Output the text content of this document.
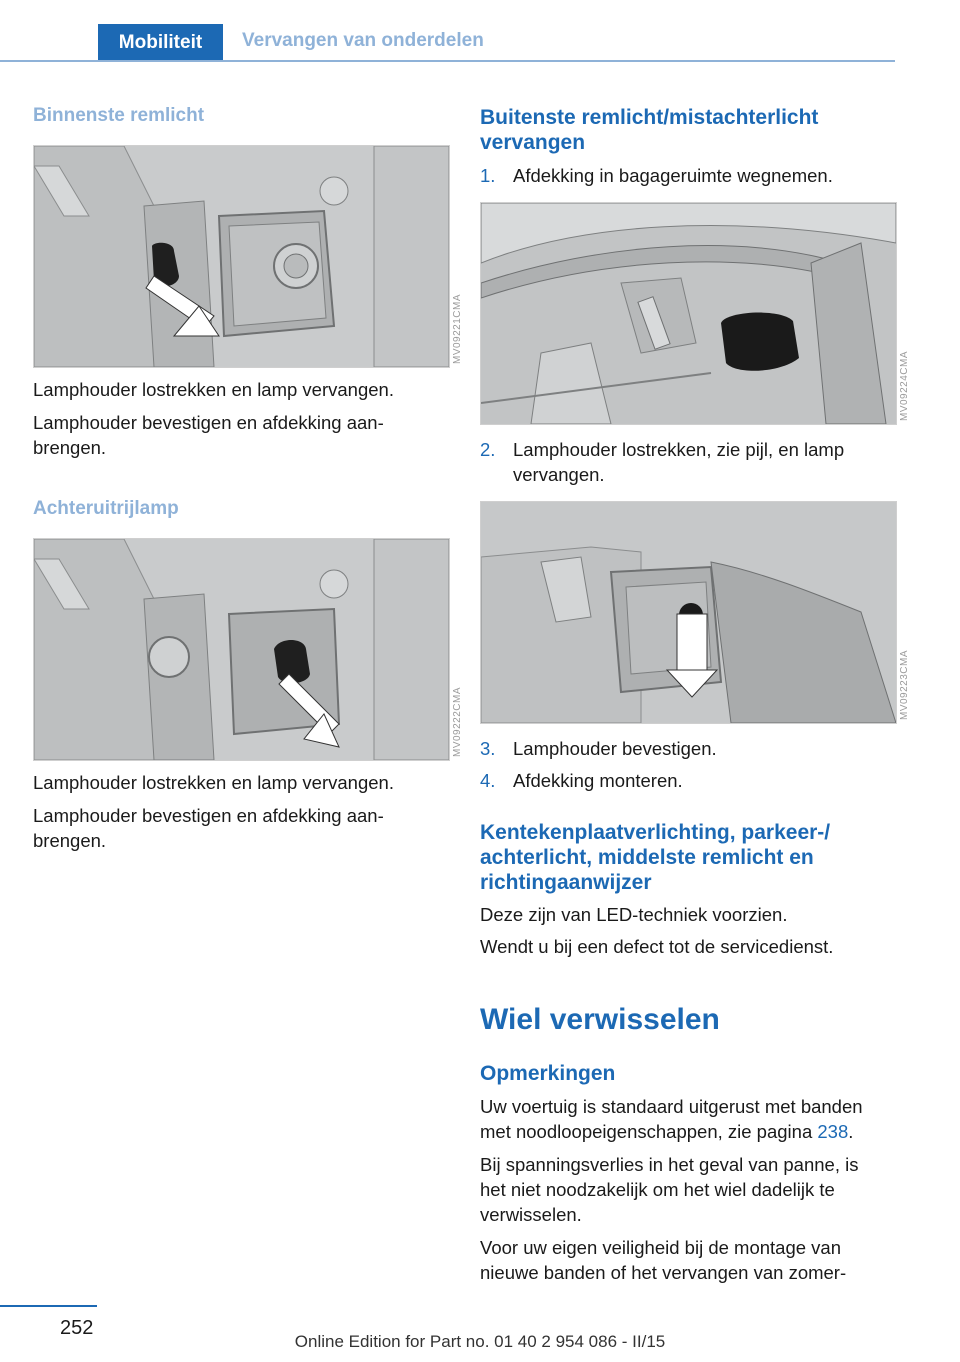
Mobiliteit	Vervangen van onderdelen
Binnenste remlicht
MV09221CMA
Lamphouder lostrekken en lamp vervangen.
Lamphouder bevestigen en afdekking aan‐
brengen.
Achteruitrijlamp
MV09222CMA
Lamphouder lostrekken en lamp vervangen.
Lamphouder bevestigen en afdekking aan‐
brengen.
Buitenste remlicht/mistachterlicht
vervangen
1. Afdekking in bagageruimte wegnemen.
MV09224CMA
2. Lamphouder lostrekken, zie pijl, en lamp
vervangen.
MV09223CMA
3. Lamphouder bevestigen.
4. Afdekking monteren.
Kentekenplaatverlichting, parkeer-/
achterlicht, middelste remlicht en
richtingaanwijzer
Deze zijn van LED-techniek voorzien.
Wendt u bij een defect tot de servicedienst.
Wiel verwisselen
Opmerkingen
Uw voertuig is standaard uitgerust met banden
met noodloopeigenschappen, zie pagina 238.
Bij spanningsverlies in het geval van panne, is
het niet noodzakelijk om het wiel dadelijk te
verwisselen.
Voor uw eigen veiligheid bij de montage van
nieuwe banden of het vervangen van zomer-
252
Online Edition for Part no. 01 40 2 954 086 - II/15
